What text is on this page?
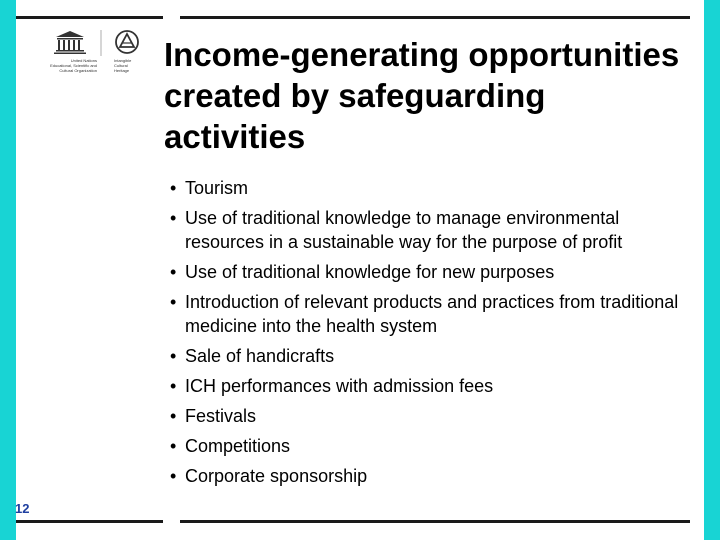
United Nations
Educational, Scientific and
Cultural Organization
Intangible
Cultural
Heritage	Income-generating opportunities created by safeguarding activities
• Tourism
• Use of traditional knowledge to manage environmental resources in a sustainable way for the purpose of profit
• Use of traditional knowledge for new purposes
• Introduction of relevant products and practices from traditional medicine into the health system
• Sale of handicrafts
• ICH performances with admission fees
• Festivals
• Competitions
• Corporate sponsorship
12
